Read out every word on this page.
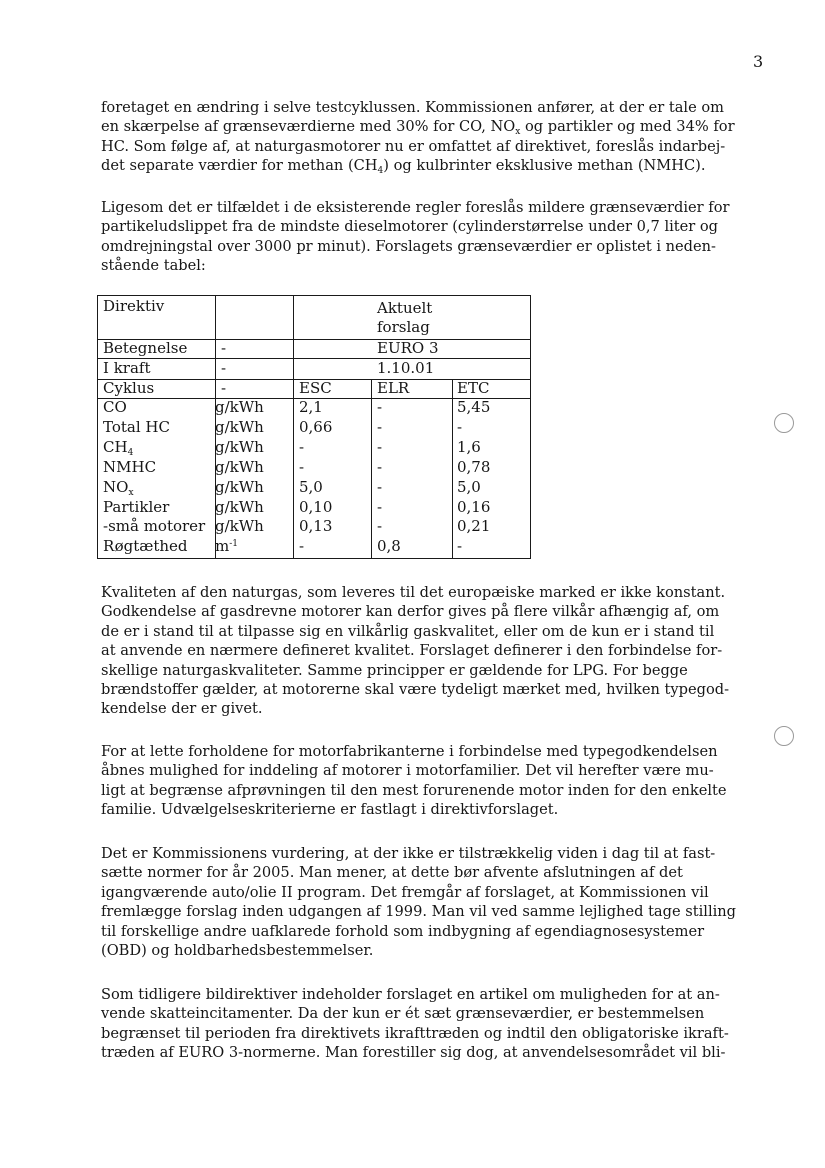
3

foretaget en ændring i selve testcyklussen. Kommissionen anfører, at der er tale om
en skærpelse af grænseværdierne med 30% for CO, $NO_x$ og partikler og med 34% for
HC. Som følge af, at naturgasmotorer nu er omfattet af direktivet, foreslås indarbej-
det separate værdier for methan $(CH_4)$ og kulbrinter eksklusive methan (NMHC).

Ligesom det er tilfældet i de eksisterende regler foreslås mildere grænseværdier for
partikeludslippet fra de mindste dieselmotorer (cylinderstørrelse under 0,7 liter og
omdrejningstal over 3000 pr minut). Forslagets grænseværdier er oplistet i neden-
stående tabel:

Direktiv	Aktuelt
forslag
Betegnelse -	EURO 3
I kraft	-	1.10.01
Cyklus	-	ESC	ELR	ETC
CO	g/kWh 2,1	-	5,45
Total HC	g/kWh 0,66	-	-
$CH_4$	g/kWh -	-	1,6
NMHC	g/kWh -	-	0,78
$NO_x$	g/kWh 5,0	-	5,0
Partikler	g/kWh 0,10	-	0,16
-små motorer g/kWh 0,13	-	0,21
Røgtæthed $m^{-1}$	-	0,8	-

Kvaliteten af den naturgas, som leveres til det europæiske marked er ikke konstant.
Godkendelse af gasdrevne motorer kan derfor gives på flere vilkår afhængig af, om
de er i stand til at tilpasse sig en vilkårlig gaskvalitet, eller om de kun er i stand til
at anvende en nærmere defineret kvalitet. Forslaget definerer i den forbindelse for-
skellige naturgaskvaliteter. Samme principper er gældende for LPG. For begge
brændstoffer gælder, at motorerne skal være tydeligt mærket med, hvilken typegod-
kendelse der er givet.

For at lette forholdene for motorfabrikanterne i forbindelse med typegodkendelsen
åbnes mulighed for inddeling af motorer i motorfamilier. Det vil herefter være mu-
ligt at begrænse afprøvningen til den mest forurenende motor inden for den enkelte
familie. Udvælgelseskriterierne er fastlagt i direktivforslaget.

Det er Kommissionens vurdering, at der ikke er tilstrækkelig viden i dag til at fast-
sætte normer for år 2005. Man mener, at dette bør afvente afslutningen af det
igangværende auto/olie II program. Det fremgår af forslaget, at Kommissionen vil
fremlægge forslag inden udgangen af 1999. Man vil ved samme lejlighed tage stilling
til forskellige andre uafklarede forhold som indbygning af egendiagnosesystemer
(OBD) og holdbarhedsbestemmelser.

Som tidligere bildirektiver indeholder forslaget en artikel om muligheden for at an-
vende skatteincitamenter. Da der kun er ét sæt grænseværdier, er bestemmelsen
begrænset til perioden fra direktivets ikrafttræden og indtil den obligatoriske ikraft-
træden af EURO 3-normerne. Man forestiller sig dog, at anvendelsesområdet vil bli-
